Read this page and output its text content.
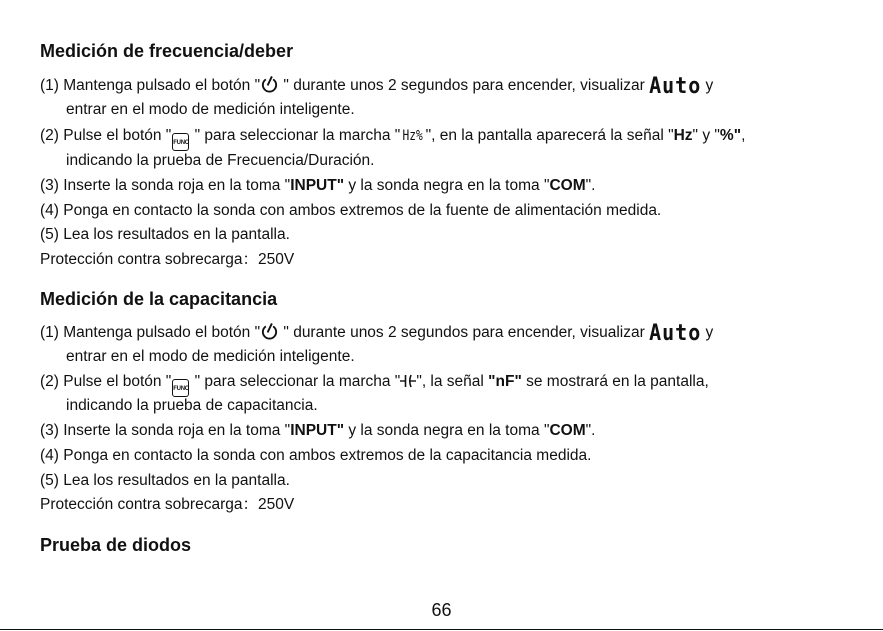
Medición de frecuencia/deber
(1) Mantenga pulsado el botón "
" durante unos 2 segundos para encender, visualizar Auto y
entrar en el modo de medición inteligente.
(2) Pulse el botón " FUNC " para seleccionar la marcha " Hz% ", en la pantalla aparecerá la señal "Hz" y "%",
indicando la prueba de Frecuencia/Duración.
(3) Inserte la sonda roja en la toma "INPUT" y la sonda negra en la toma "COM".
(4) Ponga en contacto la sonda con ambos extremos de la fuente de alimentación medida.
(5) Lea los resultados en la pantalla.
Protección contra sobrecarga：250V
Medición de la capacitancia
(1) Mantenga pulsado el botón "
" durante unos 2 segundos para encender, visualizar Auto y
entrar en el modo de medición inteligente.
(2) Pulse el botón " FUNC " para seleccionar la marcha " ", la señal "nF" se mostrará en la pantalla,
indicando la prueba de capacitancia.
(3) Inserte la sonda roja en la toma "INPUT" y la sonda negra en la toma "COM".
(4) Ponga en contacto la sonda con ambos extremos de la capacitancia medida.
(5) Lea los resultados en la pantalla.
Protección contra sobrecarga：250V
Prueba de diodos
66
